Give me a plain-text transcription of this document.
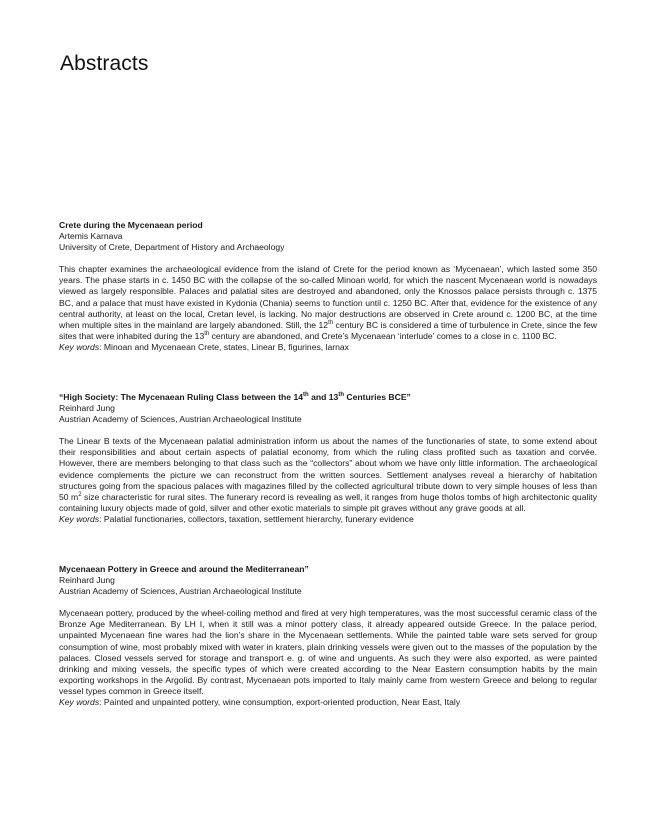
Abstracts
Crete during the Mycenaean period
Artemis Karnava
University of Crete, Department of History and Archaeology

This chapter examines the archaeological evidence from the island of Crete for the period known as ‘Mycenaean’, which lasted some 350 years. The phase starts in c. 1450 BC with the collapse of the so-called Minoan world, for which the nascent Mycenaean world is nowadays viewed as largely responsible. Palaces and palatial sites are destroyed and abandoned, only the Knossos palace persists through c. 1375 BC, and a palace that must have existed in Kydonia (Chania) seems to function until c. 1250 BC. After that, evidence for the existence of any central authority, at least on the local, Cretan level, is lacking. No major destructions are observed in Crete around c. 1200 BC, at the time when multiple sites in the mainland are largely abandoned. Still, the 12th century BC is considered a time of turbulence in Crete, since the few sites that were inhabited during the 13th century are abandoned, and Crete’s Mycenaean ‘interlude’ comes to a close in c. 1100 BC.

Key words: Minoan and Mycenaean Crete, states, Linear B, figurines, larnax

“High Society: The Mycenaean Ruling Class between the 14th and 13th Centuries BCE”
Reinhard Jung
Austrian Academy of Sciences, Austrian Archaeological Institute

The Linear B texts of the Mycenaean palatial administration inform us about the names of the functionaries of state, to some extend about their responsibilities and about certain aspects of palatial economy, from which the ruling class profited such as taxation and corvée. However, there are members belonging to that class such as the “collectors” about whom we have only little information. The archaeological evidence complements the picture we can reconstruct from the written sources. Settlement analyses reveal a hierarchy of habitation structures going from the spacious palaces with magazines filled by the collected agricultural tribute down to very simple houses of less than 50 $m^2$ size characteristic for rural sites. The funerary record is revealing as well, it ranges from huge tholos tombs of high architectonic quality containing luxury objects made of gold, silver and other exotic materials to simple pit graves without any grave goods at all.

Key words: Palatial functionaries, collectors, taxation, settlement hierarchy, funerary evidence

Mycenaean Pottery in Greece and around the Mediterranean”
Reinhard Jung
Austrian Academy of Sciences, Austrian Archaeological Institute

Mycenaean pottery, produced by the wheel-coiling method and fired at very high temperatures, was the most successful ceramic class of the Bronze Age Mediterranean. By LH I, when it still was a minor pottery class, it already appeared outside Greece. In the palace period, unpainted Mycenaean fine wares had the lion’s share in the Mycenaean settlements. While the painted table ware sets served for group consumption of wine, most probably mixed with water in kraters, plain drinking vessels were given out to the masses of the population by the palaces. Closed vessels served for storage and transport e. g. of wine and unguents. As such they were also exported, as were painted drinking and mixing vessels, the specific types of which were created according to the Near Eastern consumption habits by the main exporting workshops in the Argolid. By contrast, Mycenaean pots imported to Italy mainly came from western Greece and belong to regular vessel types common in Greece itself.

Key words: Painted and unpainted pottery, wine consumption, export-oriented production, Near East, Italy
